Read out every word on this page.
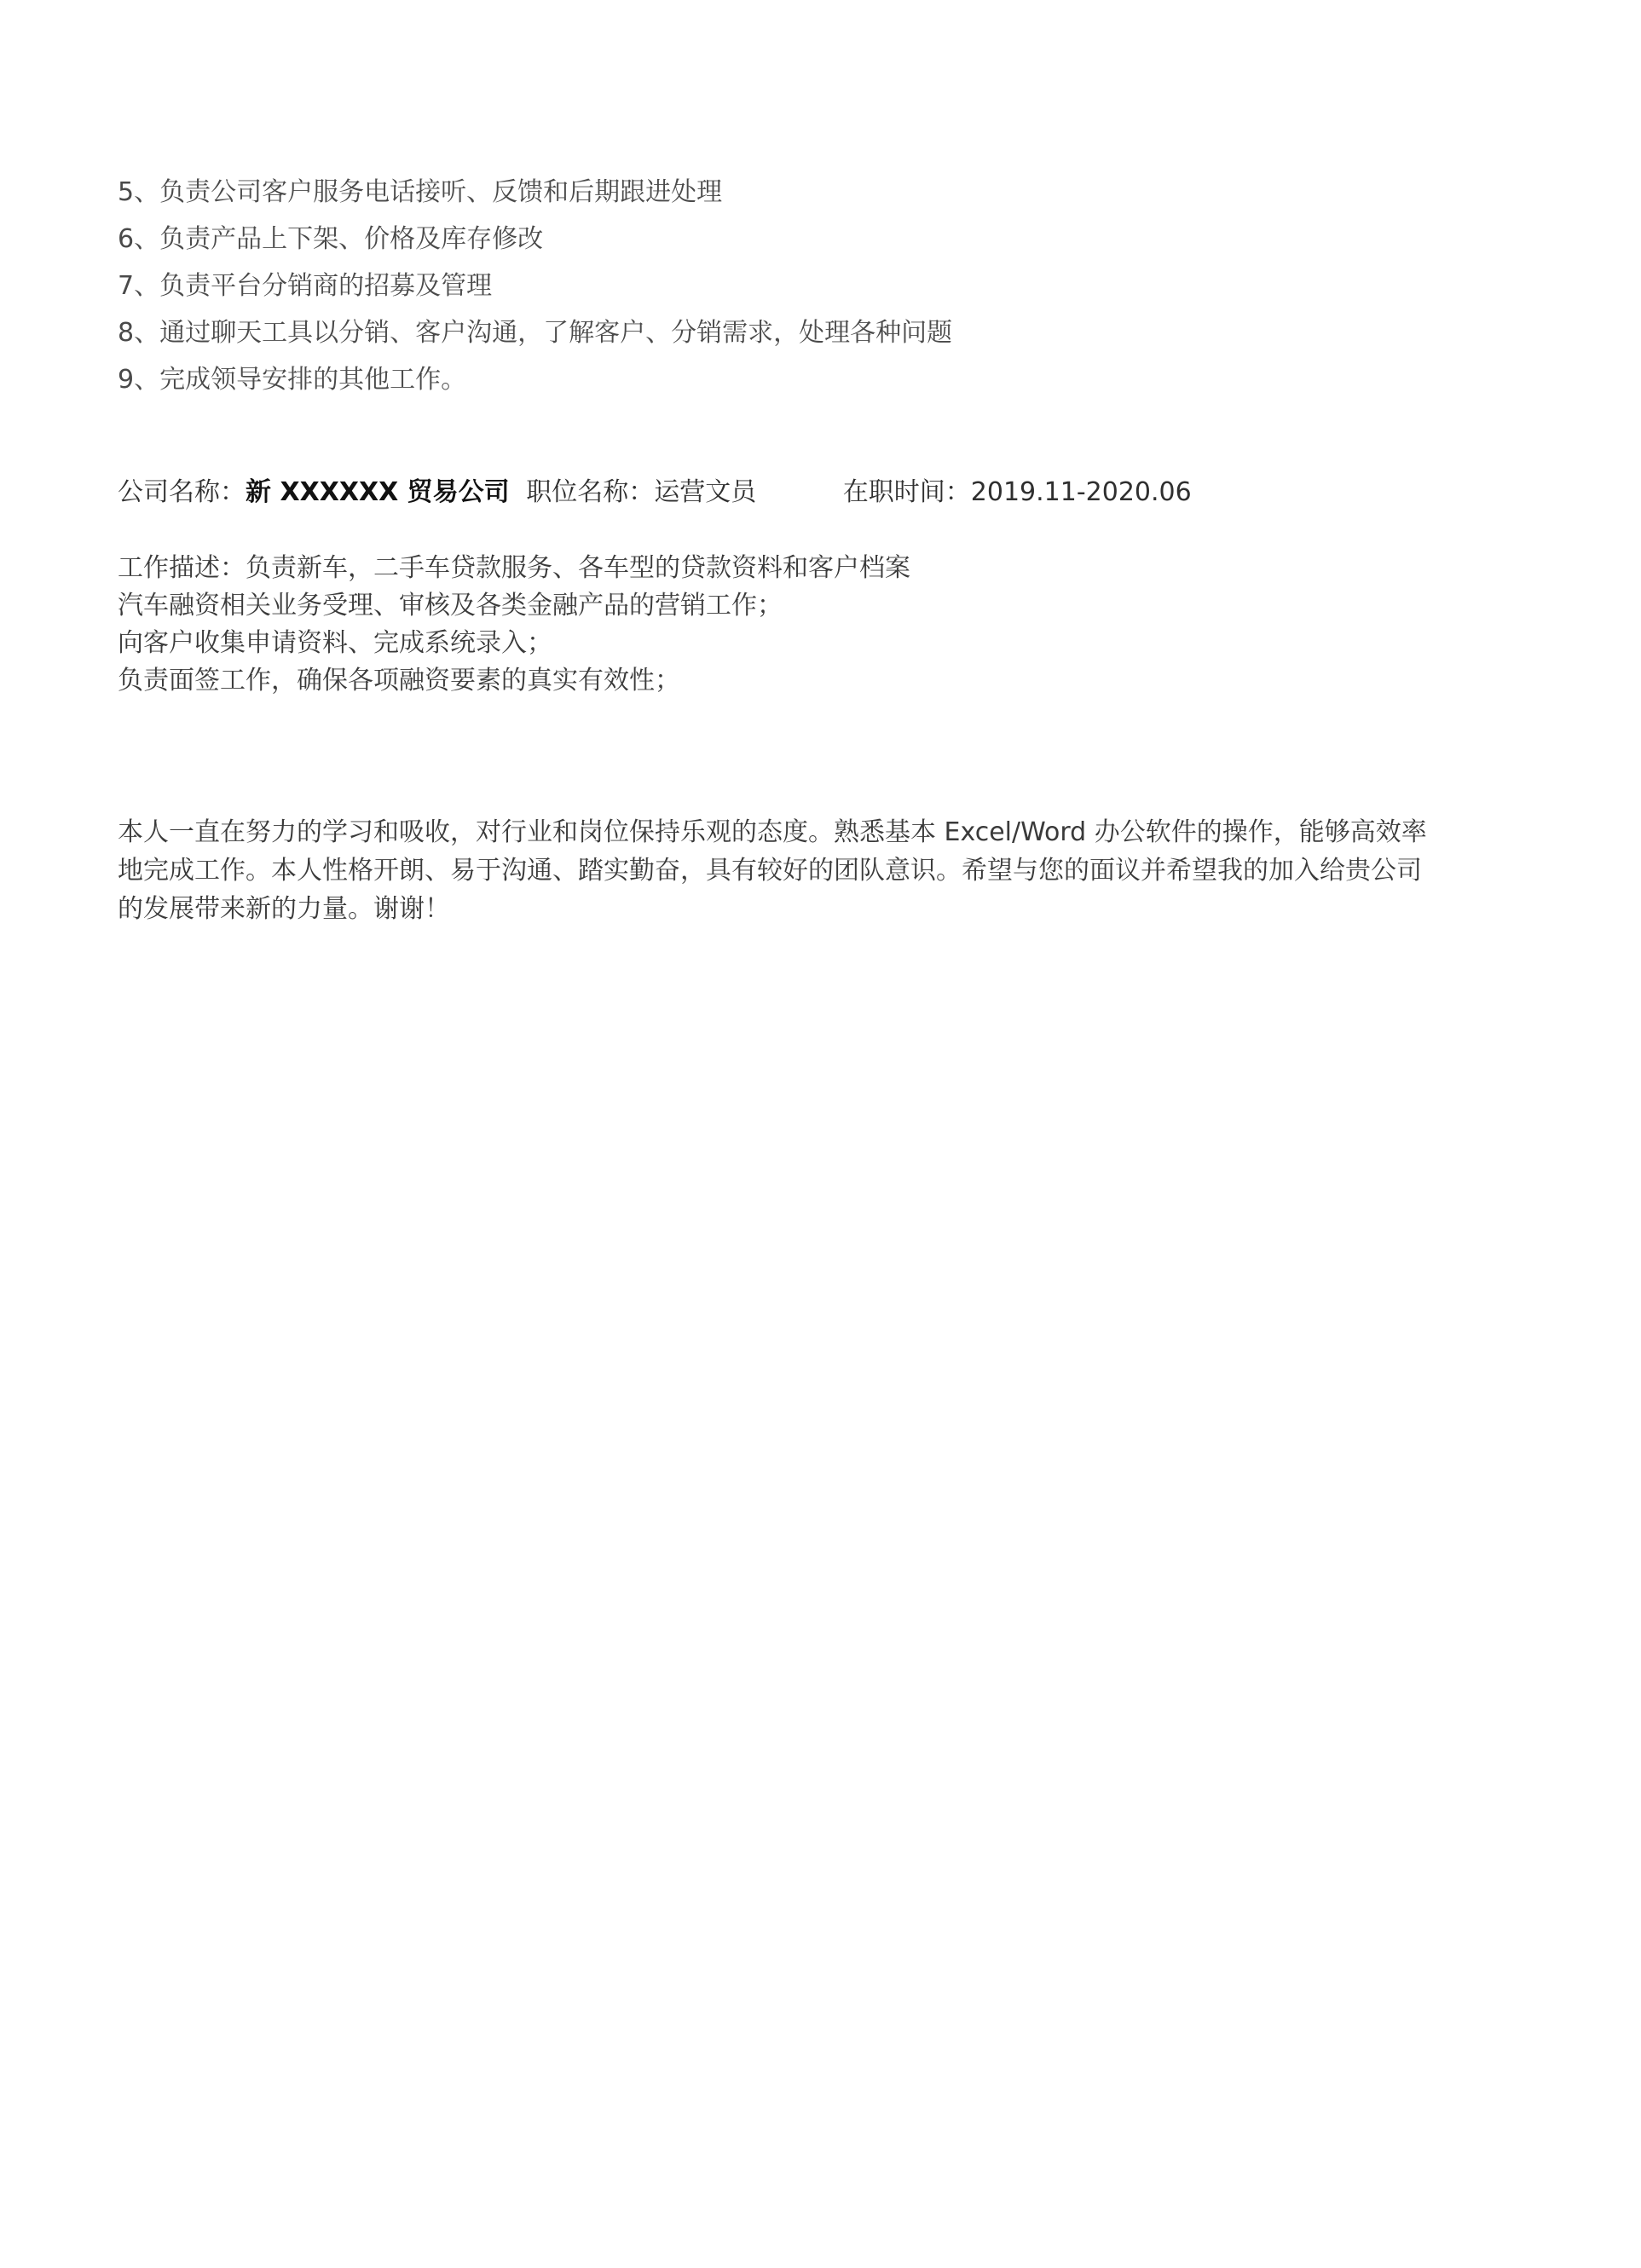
5、负责公司客户服务电话接听、反馈和后期跟进处理
6、负责产品上下架、价格及库存修改
7、负责平台分销商的招募及管理
8、通过聊天工具以分销、客户沟通，了解客户、分销需求，处理各种问题
9、完成领导安排的其他工作。
公司名称：新 XXXXXX 贸易公司 职位名称：运营文员	在职时间：2019.11-2020.06
工作描述：负责新车，二手车贷款服务、各车型的贷款资料和客户档案
汽车融资相关业务受理、审核及各类金融产品的营销工作；
向客户收集申请资料、完成系统录入；
负责面签工作，确保各项融资要素的真实有效性；

本人一直在努力的学习和吸收，对行业和岗位保持乐观的态度。熟悉基本 Excel/Word 办公软件的操作，能够高效率
地完成工作。本人性格开朗、易于沟通、踏实勤奋，具有较好的团队意识。希望与您的面议并希望我的加入给贵公司
的发展带来新的力量。谢谢！
